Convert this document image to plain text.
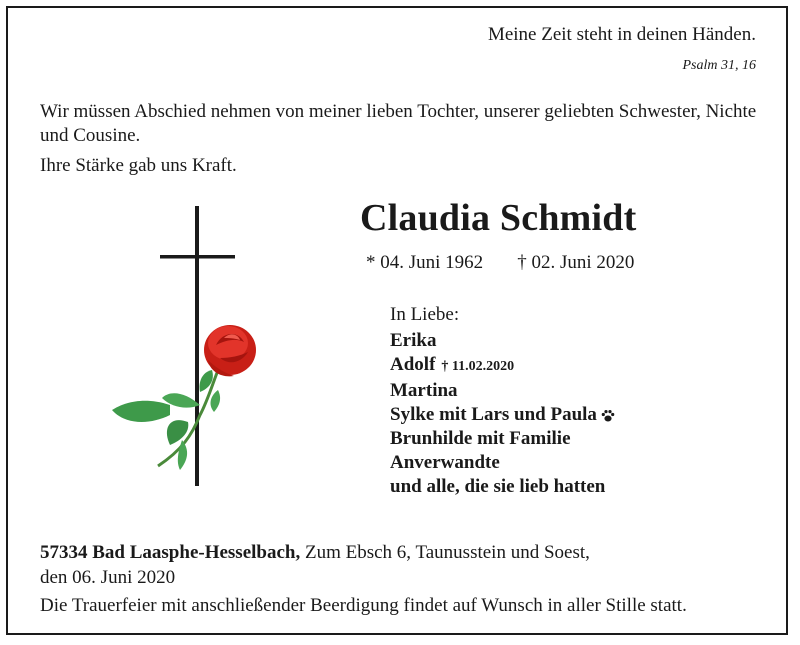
Meine Zeit steht in deinen Händen.
Psalm 31, 16
Wir müssen Abschied nehmen von meiner lieben Tochter, unserer geliebten Schwester, Nichte und Cousine.
Ihre Stärke gab uns Kraft.
Claudia Schmidt
* 04. Juni 1962 † 02. Juni 2020
In Liebe:
Erika
Adolf † 11.02.2020
Martina
Sylke mit Lars und Paula
Brunhilde mit Familie
Anverwandte
und alle, die sie lieb hatten
57334 Bad Laasphe-Hesselbach, Zum Ebsch 6, Taunusstein und Soest,
den 06. Juni 2020
Die Trauerfeier mit anschließender Beerdigung findet auf Wunsch in aller Stille statt.
